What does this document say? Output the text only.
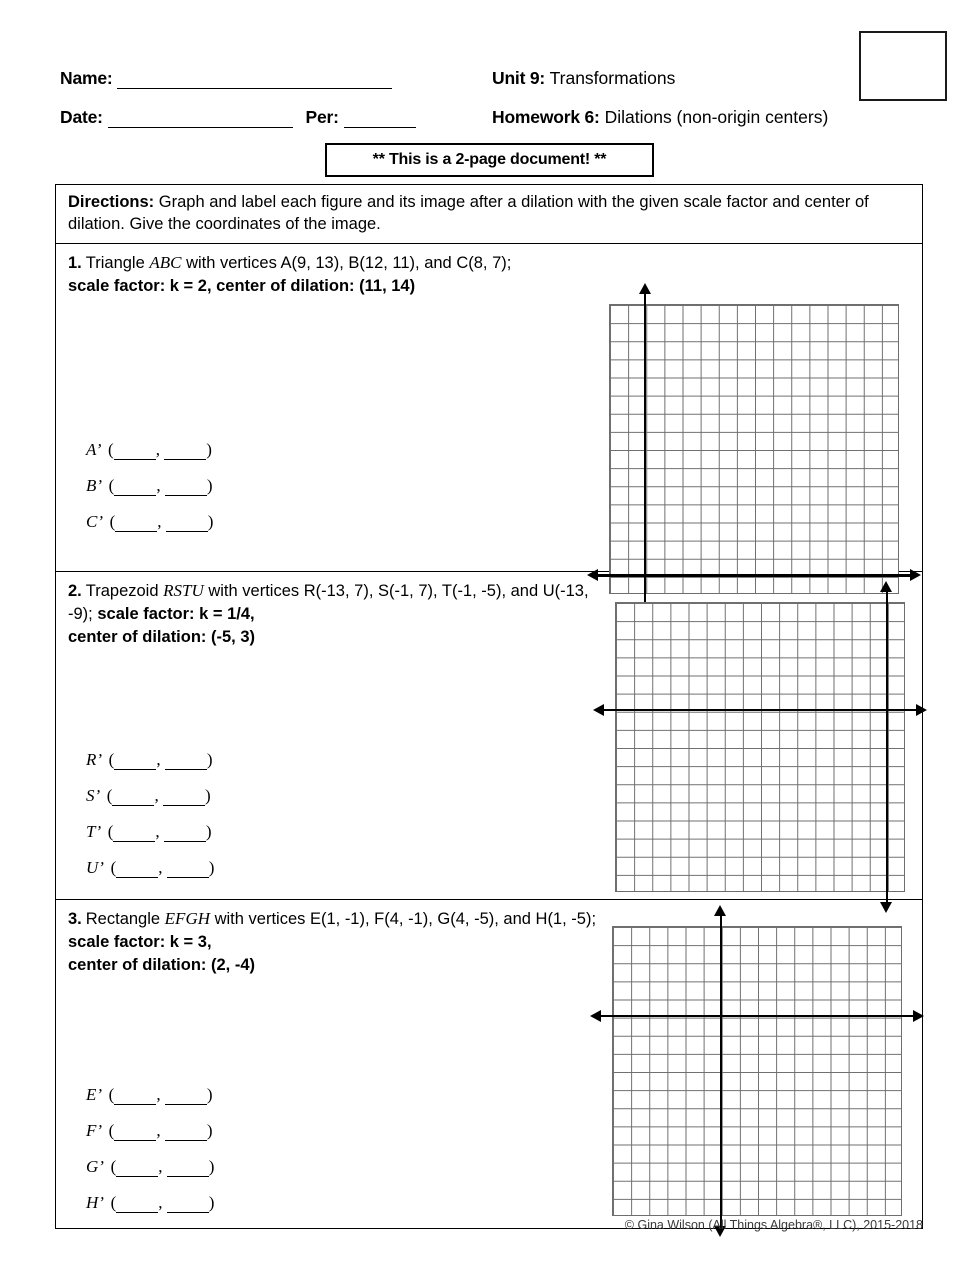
Name:
Date:	Per:
Unit 9: Transformations
Homework 6: Dilations (non-origin centers)
** This is a 2-page document! **
Directions: Graph and label each figure and its image after a dilation with the given scale factor and center of dilation. Give the coordinates of the image.
1. Triangle ABC with vertices A(9, 13), B(12, 11), and C(8, 7);
scale factor: k = 2, center of dilation: (11, 14)
A’  ( , )
B’  ( , )
C’  ( , )
2. Trapezoid RSTU with vertices R(-13, 7), S(-1, 7), T(-1, -5), and U(-13, -9); scale factor: k = 1/4,
center of dilation: (-5, 3)
R’  ( , )
S’  ( , )
T’  ( , )
U’  ( , )
3. Rectangle EFGH with vertices E(1, -1), F(4, -1), G(4, -5), and H(1, -5); scale factor: k = 3,
center of dilation: (2, -4)
E’  ( , )
F’  ( , )
G’  ( , )
H’  ( , )
© Gina Wilson (All Things Algebra®, LLC), 2015-2018
